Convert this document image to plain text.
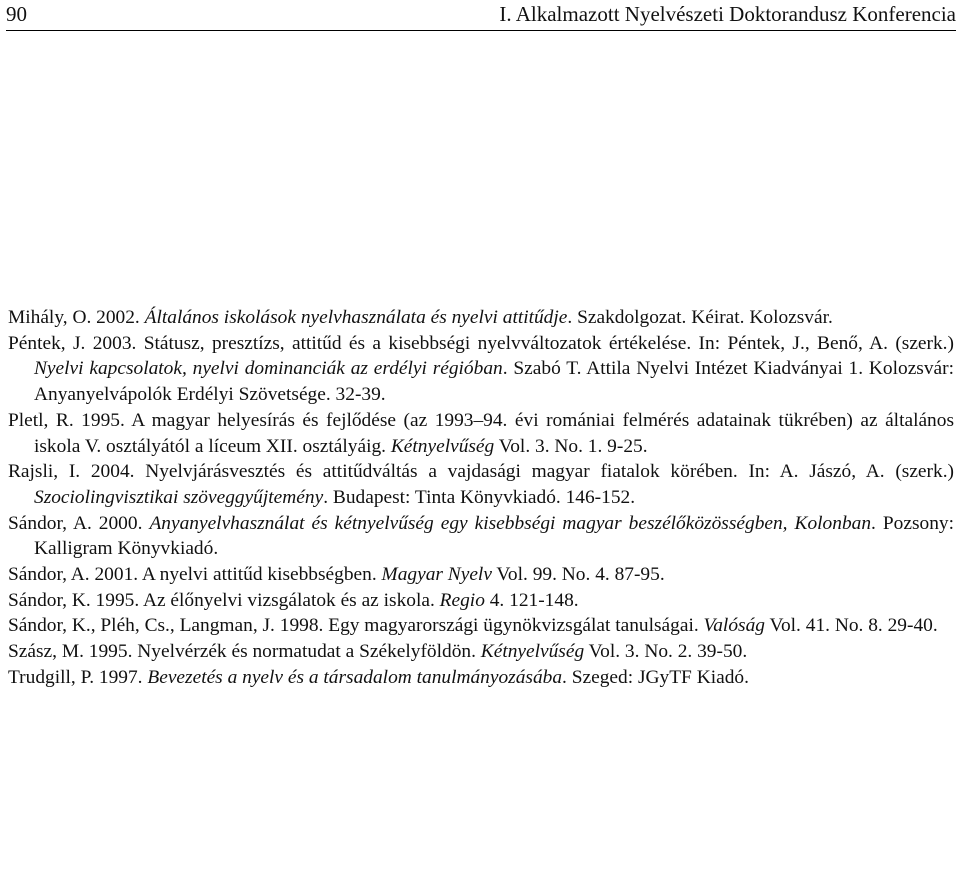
90	I. Alkalmazott Nyelvészeti Doktorandusz Konferencia

Mihály, O. 2002. Általános iskolások nyelvhasználata és nyelvi attitűdje. Szakdolgozat. Kéirat. Kolozsvár.

Péntek, J. 2003. Státusz, presztízs, attitűd és a kisebbségi nyelvváltozatok értékelése. In: Péntek, J., Benő, A. (szerk.) Nyelvi kapcsolatok, nyelvi dominanciák az erdélyi régióban. Szabó T. Attila Nyelvi Intézet Kiadványai 1. Kolozsvár: Anyanyelvápolók Erdélyi Szövetsége. 32-39.

Pletl, R. 1995. A magyar helyesírás és fejlődése (az 1993–94. évi romániai felmérés adatainak tükrében) az általános iskola V. osztályától a líceum XII. osztályáig. Kétnyelvűség Vol. 3. No. 1. 9-25.

Rajsli, I. 2004. Nyelvjárásvesztés és attitűdváltás a vajdasági magyar fiatalok körében. In: A. Jászó, A. (szerk.) Szociolingvisztikai szöveggyűjtemény. Budapest: Tinta Könyvkiadó. 146-152.

Sándor, A. 2000. Anyanyelvhasználat és kétnyelvűség egy kisebbségi magyar beszélőközösségben, Kolonban. Pozsony: Kalligram Könyvkiadó.

Sándor, A. 2001. A nyelvi attitűd kisebbségben. Magyar Nyelv Vol. 99. No. 4. 87-95.

Sándor, K. 1995. Az élőnyelvi vizsgálatok és az iskola. Regio 4. 121-148.

Sándor, K., Pléh, Cs., Langman, J. 1998. Egy magyarországi ügynökvizsgálat tanulságai. Valóság Vol. 41. No. 8. 29-40.

Szász, M. 1995. Nyelvérzék és normatudat a Székelyföldön. Kétnyelvűség Vol. 3. No. 2. 39-50.

Trudgill, P. 1997. Bevezetés a nyelv és a társadalom tanulmányozásába. Szeged: JGyTF Kiadó.
